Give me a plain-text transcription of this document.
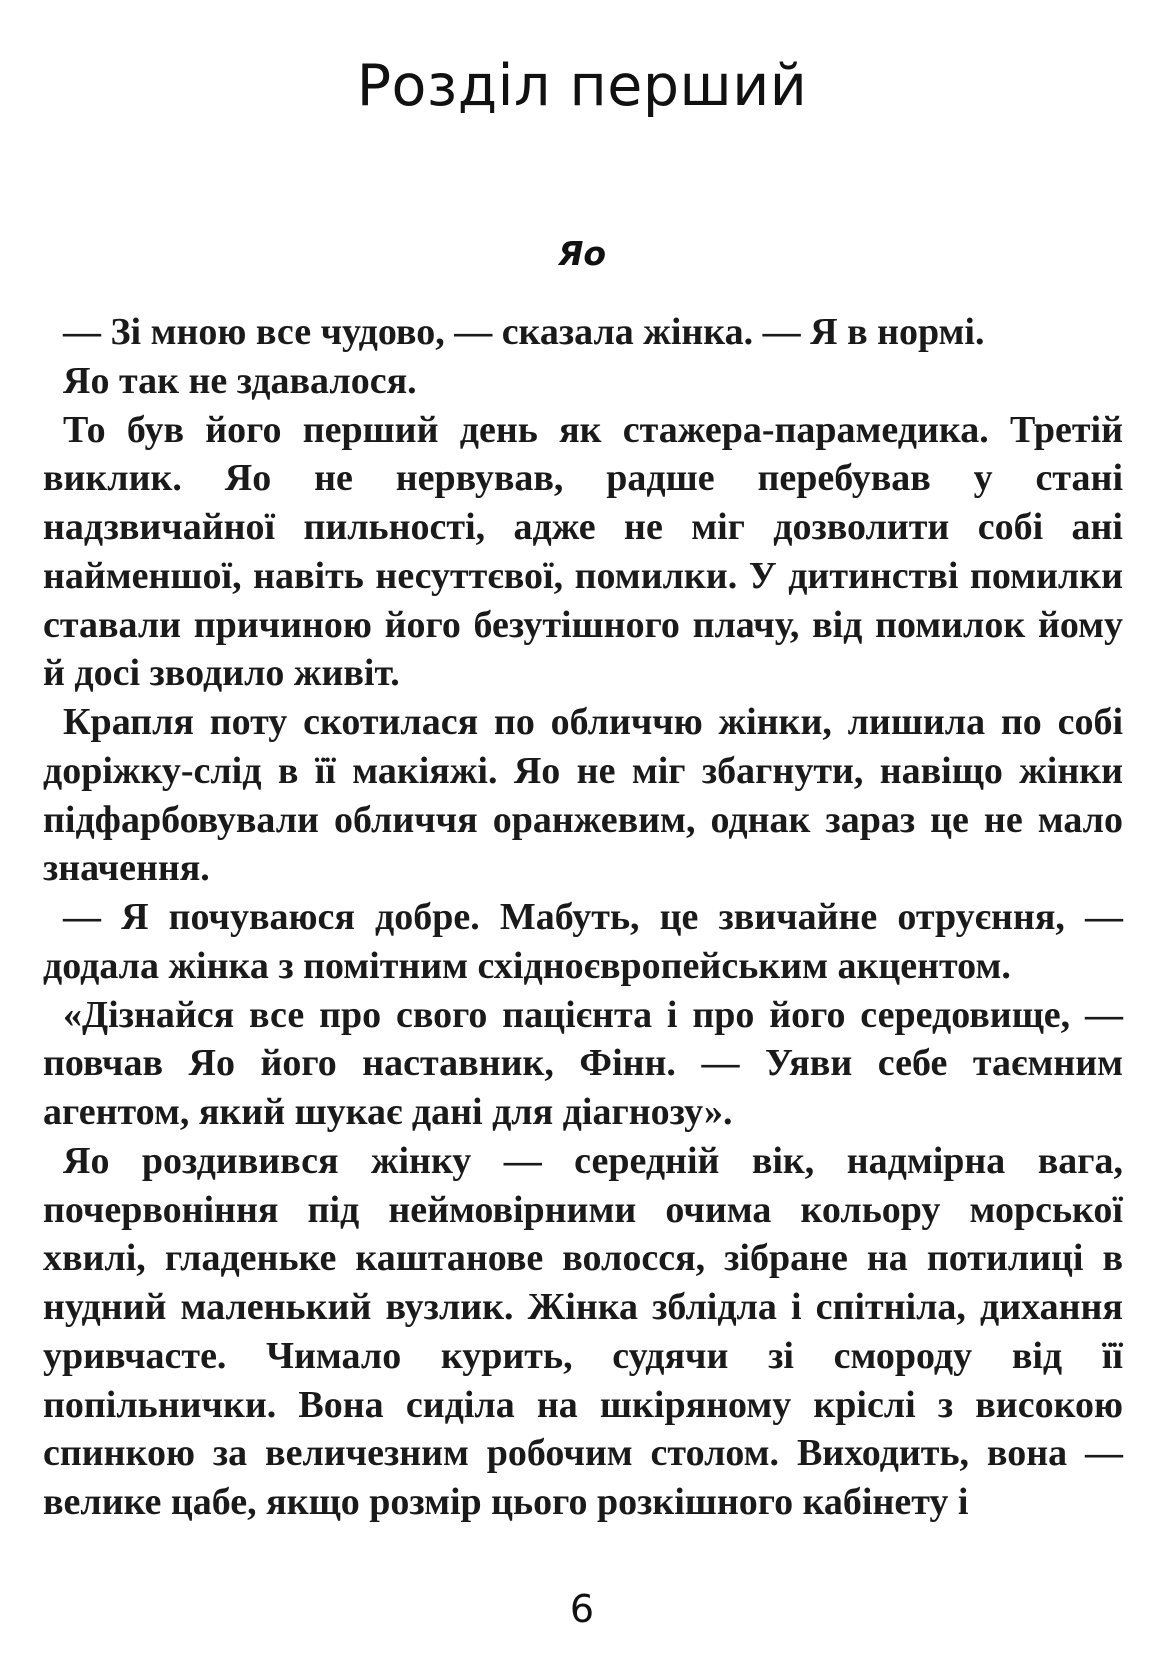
Розділ перший
Яо

— Зі мною все чудово, — сказала жінка. — Я в нормі.

Яо так не здавалося.

То був його перший день як стажера-парамедика. Третій виклик. Яо не нервував, радше перебував у стані надзвичайної пильності, адже не міг дозволити собі ані найменшої, навіть несуттєвої, помилки. У дитинстві помилки ставали причиною його безутішного плачу, від помилок йому й досі зводило живіт.

Крапля поту скотилася по обличчю жінки, лишила по собі доріжку-слід в її макіяжі. Яо не міг збагнути, навіщо жінки підфарбовували обличчя оранжевим, однак зараз це не мало значення.

— Я почуваюся добре. Мабуть, це звичайне отруєння, — додала жінка з помітним східноєвропейським акцентом.

«Дізнайся все про свого пацієнта і про його середовище, — повчав Яо його наставник, Фінн. — Уяви себе таємним агентом, який шукає дані для діагнозу».

Яо роздивився жінку — середній вік, надмірна вага, почервоніння під неймовірними очима кольору морської хвилі, гладеньке каштанове волосся, зібране на потилиці в нудний маленький вузлик. Жінка зблідла і спітніла, дихання уривчасте. Чимало курить, судячи зі смороду від її попільнички. Вона сиділа на шкіряному кріслі з високою спинкою за величезним робочим столом. Виходить, вона — велике цабе, якщо розмір цього розкішного кабінету і

6
